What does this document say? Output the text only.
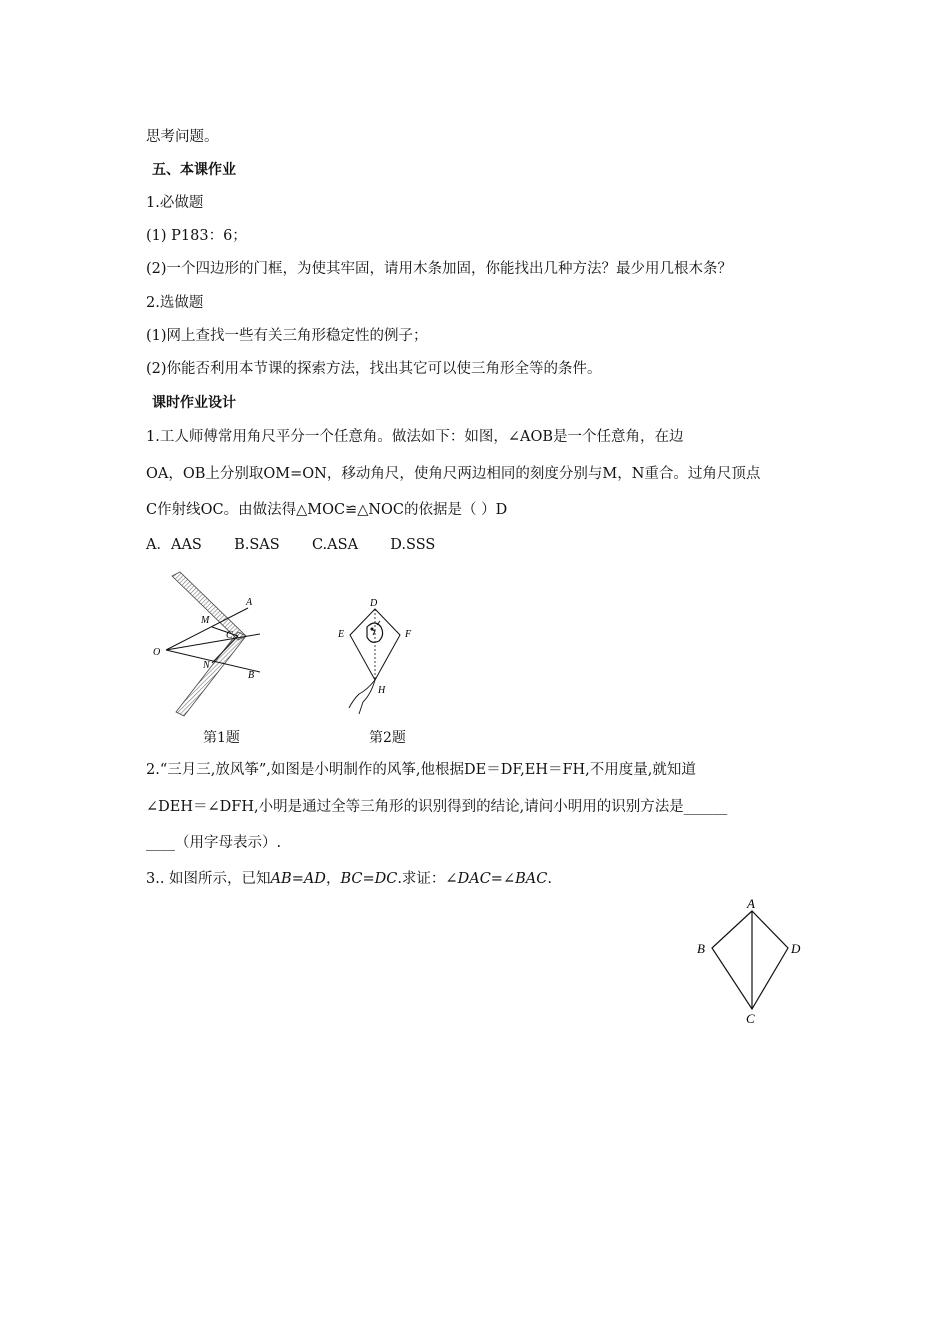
思考问题。
五、本课作业
1.必做题
(1) P183：6；
(2)一个四边形的门框，为使其牢固，请用木条加固，你能找出几种方法？最少用几根木条？
2.选做题
(1)网上查找一些有关三角形稳定性的例子；
(2)你能否利用本节课的探索方法，找出其它可以使三角形全等的条件。
课时作业设计
1.工人师傅常用角尺平分一个任意角。做法如下：如图，∠AOB是一个任意角，在边
OA，OB上分别取OM=ON，移动角尺，使角尺两边相同的刻度分别与M，N重合。过角尺顶点
C作射线OC。由做法得△MOC≌△NOC的依据是（ ）D
A．AAS       B.SAS       C.ASA       D.SSS
A
M
C
O
N
B
D
E	F
H
第1题	第2题
2.“三月三,放风筝”,如图是小明制作的风筝,他根据DE＝DF,EH＝FH,不用度量,就知道
∠DEH＝∠DFH,小明是通过全等三角形的识别得到的结论,请问小明用的识别方法是______
____（用字母表示）.
3.. 如图所示，已知AB=AD，BC=DC.求证：∠DAC=∠BAC.
A
B	D
C
